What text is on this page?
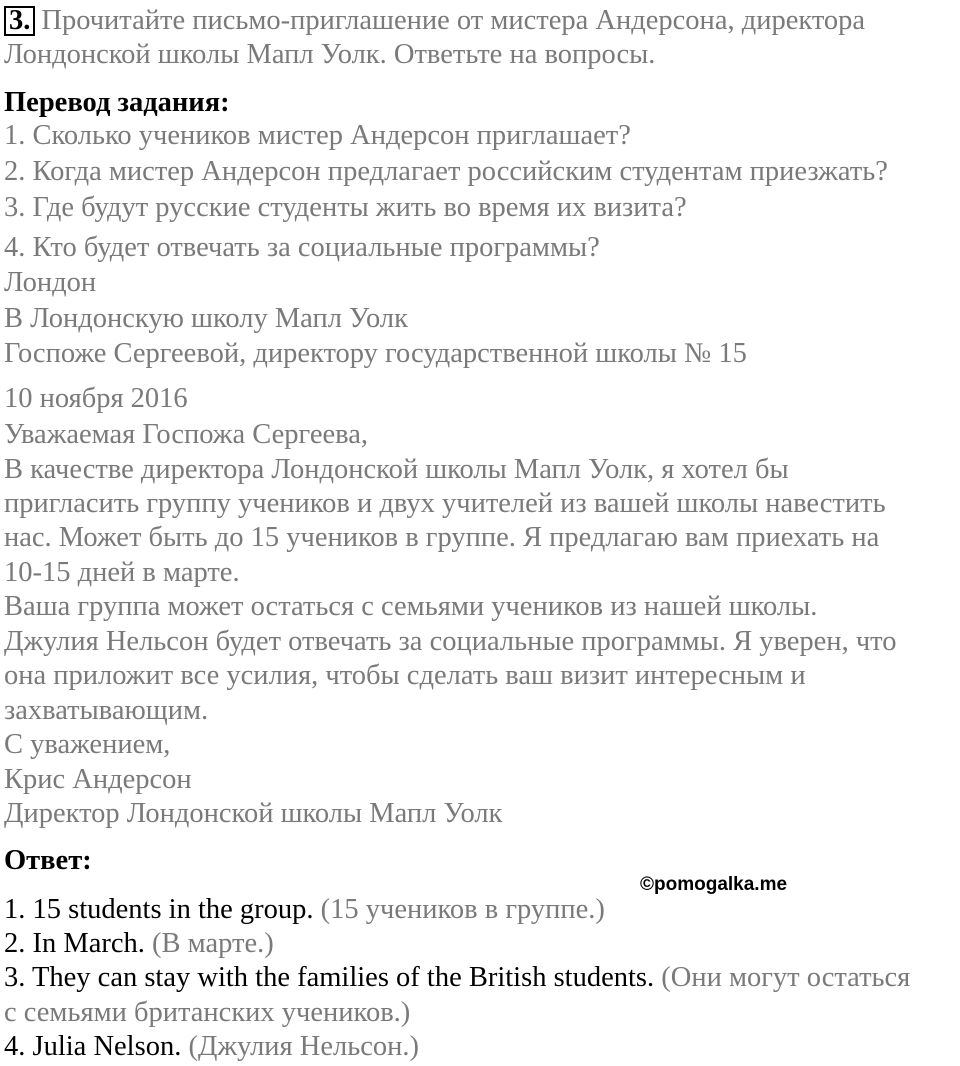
3. Прочитайте письмо-приглашение от мистера Андерсона, директора
Лондонской школы Мапл Уолк. Ответьте на вопросы.
Перевод задания:
1. Сколько учеников мистер Андерсон приглашает?
2. Когда мистер Андерсон предлагает российским студентам приезжать?
3. Где будут русские студенты жить во время их визита?
4. Кто будет отвечать за социальные программы?
Лондон
В Лондонскую школу Мапл Уолк
Госпоже Сергеевой, директору государственной школы № 15
10 ноября 2016
Уважаемая Госпожа Сергеева,
В качестве директора Лондонской школы Мапл Уолк, я хотел бы
пригласить группу учеников и двух учителей из вашей школы навестить
нас. Может быть до 15 учеников в группе. Я предлагаю вам приехать на
10-15 дней в марте.
Ваша группа может остаться с семьями учеников из нашей школы.
Джулия Нельсон будет отвечать за социальные программы. Я уверен, что
она приложит все усилия, чтобы сделать ваш визит интересным и
захватывающим.
С уважением,
Крис Андерсон
Директор Лондонской школы Мапл Уолк
Ответ:
©pomogalka.me
1. 15 students in the group. (15 учеников в группе.)
2. In March. (В марте.)
3. They can stay with the families of the British students. (Они могут остаться
с семьями британских учеников.)
4. Julia Nelson. (Джулия Нельсон.)
